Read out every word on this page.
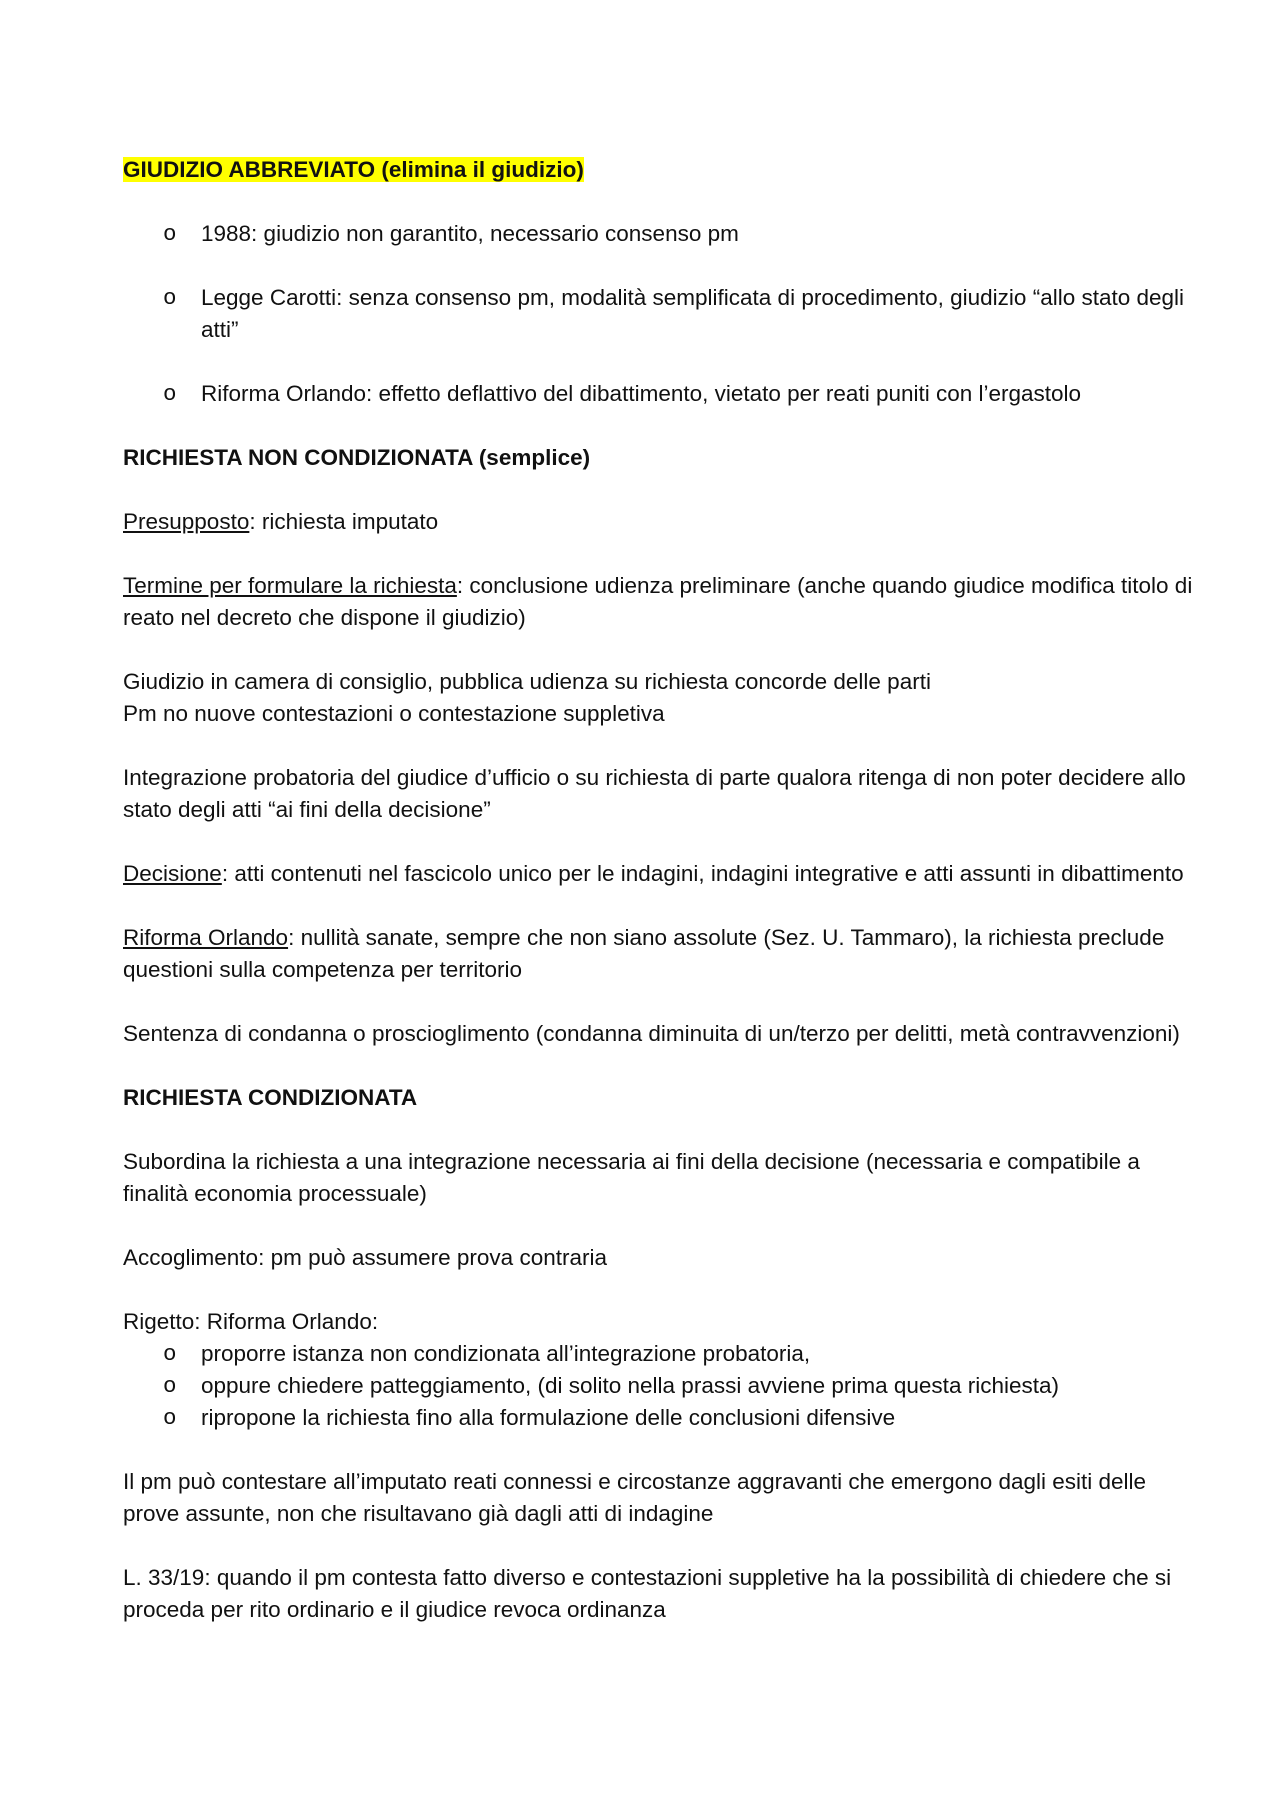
GIUDIZIO ABBREVIATO (elimina il giudizio)

o 1988: giudizio non garantito, necessario consenso pm
o Legge Carotti: senza consenso pm, modalità semplificata di procedimento, giudizio “allo stato degli atti”
o Riforma Orlando: effetto deflattivo del dibattimento, vietato per reati puniti con l’ergastolo

RICHIESTA NON CONDIZIONATA (semplice)

Presupposto: richiesta imputato

Termine per formulare la richiesta: conclusione udienza preliminare (anche quando giudice modifica titolo di reato nel decreto che dispone il giudizio)

Giudizio in camera di consiglio, pubblica udienza su richiesta concorde delle parti
Pm no nuove contestazioni o contestazione suppletiva

Integrazione probatoria del giudice d’ufficio o su richiesta di parte qualora ritenga di non poter decidere allo stato degli atti “ai fini della decisione”

Decisione: atti contenuti nel fascicolo unico per le indagini, indagini integrative e atti assunti in dibattimento

Riforma Orlando: nullità sanate, sempre che non siano assolute (Sez. U. Tammaro), la richiesta preclude questioni sulla competenza per territorio

Sentenza di condanna o proscioglimento (condanna diminuita di un/terzo per delitti, metà contravvenzioni)

RICHIESTA CONDIZIONATA

Subordina la richiesta a una integrazione necessaria ai fini della decisione (necessaria e compatibile a finalità economia processuale)

Accoglimento: pm può assumere prova contraria

Rigetto: Riforma Orlando:
o proporre istanza non condizionata all’integrazione probatoria,
o oppure chiedere patteggiamento, (di solito nella prassi avviene prima questa richiesta)
o ripropone la richiesta fino alla formulazione delle conclusioni difensive

Il pm può contestare all’imputato reati connessi e circostanze aggravanti che emergono dagli esiti delle prove assunte, non che risultavano già dagli atti di indagine

L. 33/19: quando il pm contesta fatto diverso e contestazioni suppletive ha la possibilità di chiedere che si proceda per rito ordinario e il giudice revoca ordinanza
